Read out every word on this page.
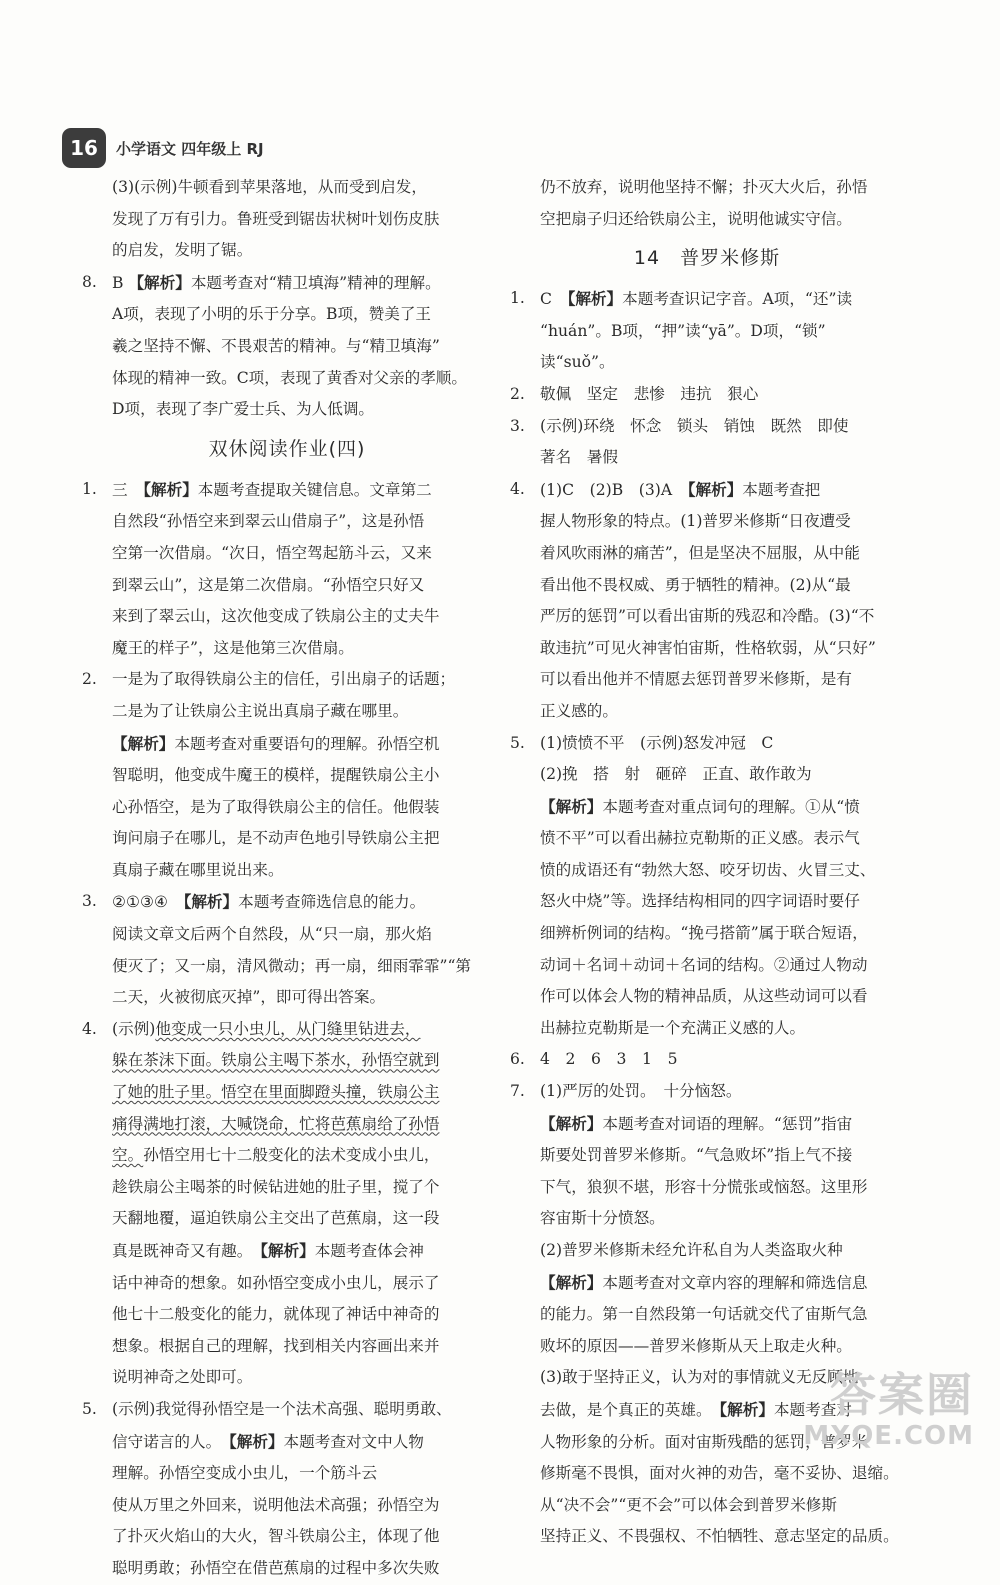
16	小学语文 四年级上 RJ
(3)(示例)牛顿看到苹果落地，从而受到启发，
发现了万有引力。鲁班受到锯齿状树叶划伤皮肤
的启发，发明了锯。
8. B 【解析】本题考查对“精卫填海”精神的理解。
A项，表现了小明的乐于分享。B项，赞美了王
羲之坚持不懈、不畏艰苦的精神。与“精卫填海”
体现的精神一致。C项，表现了黄香对父亲的孝顺。
D项，表现了李广爱士兵、为人低调。
双休阅读作业(四)
1. 三　 【解析】本题考查提取关键信息。文章第二
自然段“孙悟空来到翠云山借扇子”，这是孙悟
空第一次借扇。“次日，悟空驾起筋斗云，又来
到翠云山”，这是第二次借扇。“孙悟空只好又
来到了翠云山，这次他变成了铁扇公主的丈夫牛
魔王的样子”，这是他第三次借扇。
2. 一是为了取得铁扇公主的信任，引出扇子的话题；
二是为了让铁扇公主说出真扇子藏在哪里。
【解析】本题考查对重要语句的理解。孙悟空机
智聪明，他变成牛魔王的模样，提醒铁扇公主小
心孙悟空，是为了取得铁扇公主的信任。他假装
询问扇子在哪儿，是不动声色地引导铁扇公主把
真扇子藏在哪里说出来。
3. ②①③④　 【解析】本题考查筛选信息的能力。
阅读文章文后两个自然段，从“只一扇，那火焰
便灭了；又一扇，清风微动；再一扇，细雨霏霏”“第
二天，火被彻底灭掉”，即可得出答案。
4. (示例)他变成一只小虫儿，从门缝里钻进去，
躲在茶沫下面。铁扇公主喝下茶水，孙悟空就到
了她的肚子里。悟空在里面脚蹬头撞，铁扇公主
痛得满地打滚，大喊饶命，忙将芭蕉扇给了孙悟
空。孙悟空用七十二般变化的法术变成小虫儿，
趁铁扇公主喝茶的时候钻进她的肚子里，搅了个
天翻地覆，逼迫铁扇公主交出了芭蕉扇，这一段
真是既神奇又有趣。　 【解析】本题考查体会神
话中神奇的想象。如孙悟空变成小虫儿，展示了
他七十二般变化的能力，就体现了神话中神奇的
想象。根据自己的理解，找到相关内容画出来并
说明神奇之处即可。
5. (示例)我觉得孙悟空是一个法术高强、聪明勇敢、
信守诺言的人。　 【解析】本题考查对文中人物
理解。孙悟空变成小虫儿，一个筋斗云
使从万里之外回来，说明他法术高强；孙悟空为
了扑灭火焰山的大火，智斗铁扇公主，体现了他
聪明勇敢；孙悟空在借芭蕉扇的过程中多次失败
仍不放弃，说明他坚持不懈；扑灭大火后，孙悟
空把扇子归还给铁扇公主，说明他诚实守信。
14　普罗米修斯
1. C　 【解析】本题考查识记字音。A项，“还”读
“huán”。B项，“押”读“yā”。D项，“锁”
读“suǒ”。
2. 敬佩　坚定　悲惨　违抗　狠心
3. (示例)环绕　怀念　锁头　销蚀　既然　即使
著名　暑假
4. (1)C　(2)B　(3)A　 【解析】本题考查把
握人物形象的特点。(1)普罗米修斯“日夜遭受
着风吹雨淋的痛苦”，但是坚决不屈服，从中能
看出他不畏权威、勇于牺牲的精神。(2)从“最
严厉的惩罚”可以看出宙斯的残忍和冷酷。(3)“不
敢违抗”可见火神害怕宙斯，性格软弱，从“只好”
可以看出他并不情愿去惩罚普罗米修斯，是有
正义感的。
5. (1)愤愤不平　(示例)怒发冲冠　C
(2)挽　搭　射　砸碎　正直、敢作敢为
【解析】本题考查对重点词句的理解。①从“愤
愤不平”可以看出赫拉克勒斯的正义感。表示气
愤的成语还有“勃然大怒、咬牙切齿、火冒三丈、
怒火中烧”等。选择结构相同的四字词语时要仔
细辨析例词的结构。“挽弓搭箭”属于联合短语，
动词＋名词＋动词＋名词的结构。②通过人物动
作可以体会人物的精神品质，从这些动词可以看
出赫拉克勒斯是一个充满正义感的人。
6. 4　2　6　3　1　5
7. (1)严厉的处罚。　十分恼怒。
【解析】本题考查对词语的理解。“惩罚”指宙
斯要处罚普罗米修斯。“气急败坏”指上气不接
下气，狼狈不堪，形容十分慌张或恼怒。这里形
容宙斯十分愤怒。
(2)普罗米修斯未经允许私自为人类盗取火种
【解析】本题考查对文章内容的理解和筛选信息
的能力。第一自然段第一句话就交代了宙斯气急
败坏的原因——普罗米修斯从天上取走火种。
(3)敢于坚持正义，认为对的事情就义无反顾地
去做，是个真正的英雄。　 【解析】本题考查对
人物形象的分析。面对宙斯残酷的惩罚，普罗米
修斯毫不畏惧，面对火神的劝告，毫不妥协、退缩。
从“决不会”“更不会”可以体会到普罗米修斯
坚持正义、不畏强权、不怕牺牲、意志坚定的品质。
答案圈
MXQE.COM
